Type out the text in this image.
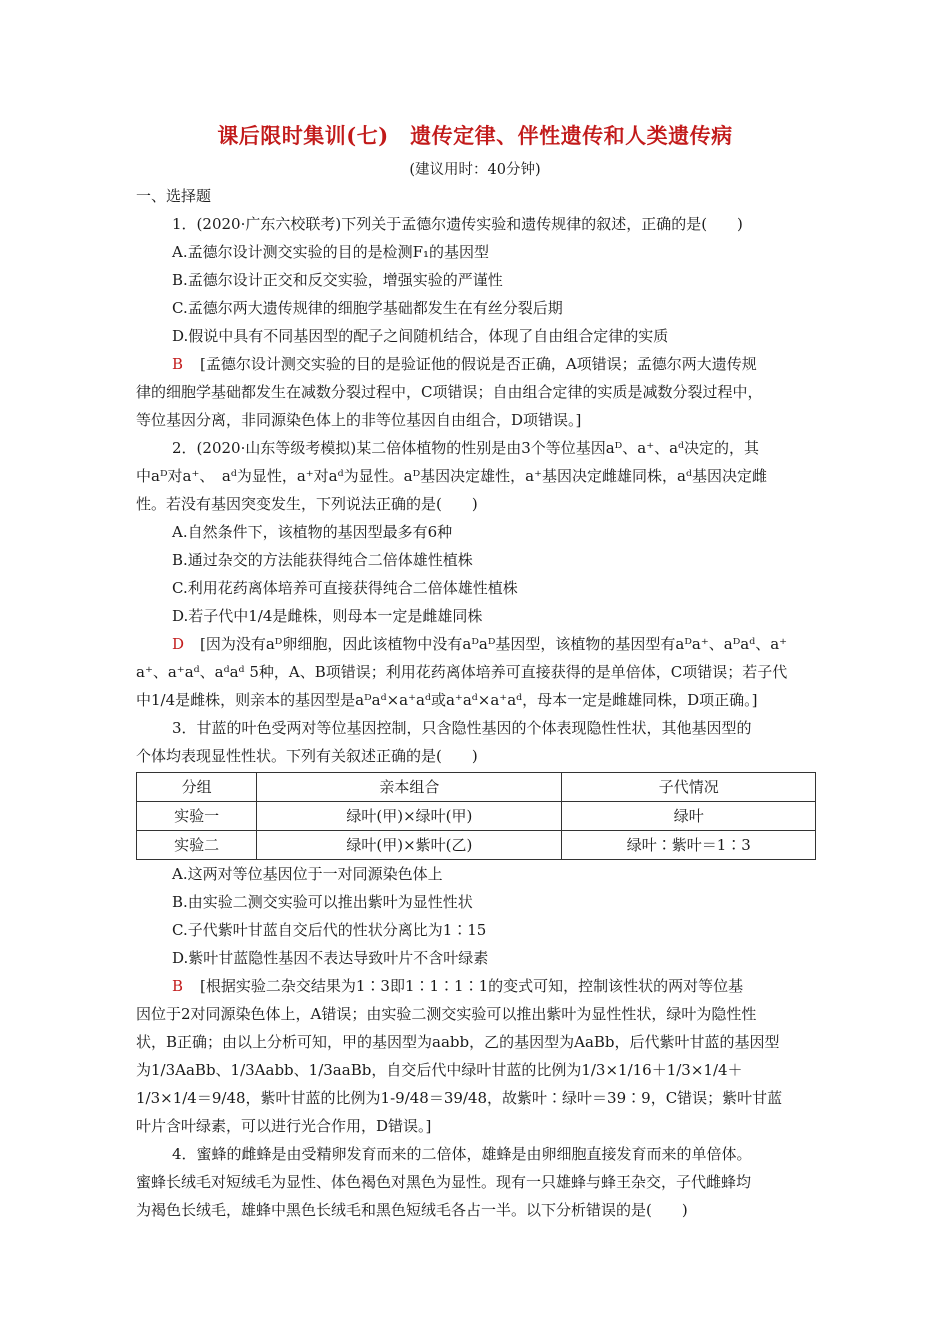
课后限时集训(七)　遗传定律、伴性遗传和人类遗传病
(建议用时：40分钟)
一、选择题
1．(2020·广东六校联考)下列关于孟德尔遗传实验和遗传规律的叙述，正确的是(　　)
A.孟德尔设计测交实验的目的是检测F₁的基因型
B.孟德尔设计正交和反交实验，增强实验的严谨性
C.孟德尔两大遗传规律的细胞学基础都发生在有丝分裂后期
D.假说中具有不同基因型的配子之间随机结合，体现了自由组合定律的实质
B [孟德尔设计测交实验的目的是验证他的假说是否正确，A项错误；孟德尔两大遗传规
律的细胞学基础都发生在减数分裂过程中，C项错误；自由组合定律的实质是减数分裂过程中，
等位基因分离，非同源染色体上的非等位基因自由组合，D项错误。]
2．(2020·山东等级考模拟)某二倍体植物的性别是由3个等位基因aᴰ、a⁺、aᵈ决定的，其
中aᴰ对a⁺、　aᵈ为显性，a⁺对aᵈ为显性。aᴰ基因决定雄性，a⁺基因决定雌雄同株，aᵈ基因决定雌
性。若没有基因突变发生，下列说法正确的是(　　)
A.自然条件下，该植物的基因型最多有6种
B.通过杂交的方法能获得纯合二倍体雄性植株
C.利用花药离体培养可直接获得纯合二倍体雄性植株
D.若子代中1/4是雌株，则母本一定是雌雄同株
D [因为没有aᴰ卵细胞，因此该植物中没有aᴰaᴰ基因型，该植物的基因型有aᴰa⁺、aᴰaᵈ、a⁺
a⁺、a⁺aᵈ、aᵈaᵈ 5种，A、B项错误；利用花药离体培养可直接获得的是单倍体，C项错误；若子代
中1/4是雌株，则亲本的基因型是aᴰaᵈ×a⁺aᵈ或a⁺aᵈ×a⁺aᵈ，母本一定是雌雄同株，D项正确。]
3．甘蓝的叶色受两对等位基因控制，只含隐性基因的个体表现隐性性状，其他基因型的
个体均表现显性性状。下列有关叙述正确的是(　　)
分组	亲本组合	子代情况
实验一	绿叶(甲)×绿叶(甲)	绿叶
实验二	绿叶(甲)×紫叶(乙)	绿叶∶紫叶＝1∶3
A.这两对等位基因位于一对同源染色体上
B.由实验二测交实验可以推出紫叶为显性性状
C.子代紫叶甘蓝自交后代的性状分离比为1∶15
D.紫叶甘蓝隐性基因不表达导致叶片不含叶绿素
B [根据实验二杂交结果为1∶3即1∶1∶1∶1的变式可知，控制该性状的两对等位基
因位于2对同源染色体上，A错误；由实验二测交实验可以推出紫叶为显性性状，绿叶为隐性性
状，B正确；由以上分析可知，甲的基因型为aabb，乙的基因型为AaBb，后代紫叶甘蓝的基因型
为1/3AaBb、1/3Aabb、1/3aaBb，自交后代中绿叶甘蓝的比例为1/3×1/16＋1/3×1/4＋
1/3×1/4＝9/48，紫叶甘蓝的比例为1-9/48＝39/48，故紫叶∶绿叶＝39∶9，C错误；紫叶甘蓝
叶片含叶绿素，可以进行光合作用，D错误。]
4．蜜蜂的雌蜂是由受精卵发育而来的二倍体，雄蜂是由卵细胞直接发育而来的单倍体。
蜜蜂长绒毛对短绒毛为显性、体色褐色对黑色为显性。现有一只雄蜂与蜂王杂交，子代雌蜂均
为褐色长绒毛，雄蜂中黑色长绒毛和黑色短绒毛各占一半。以下分析错误的是(　　)
